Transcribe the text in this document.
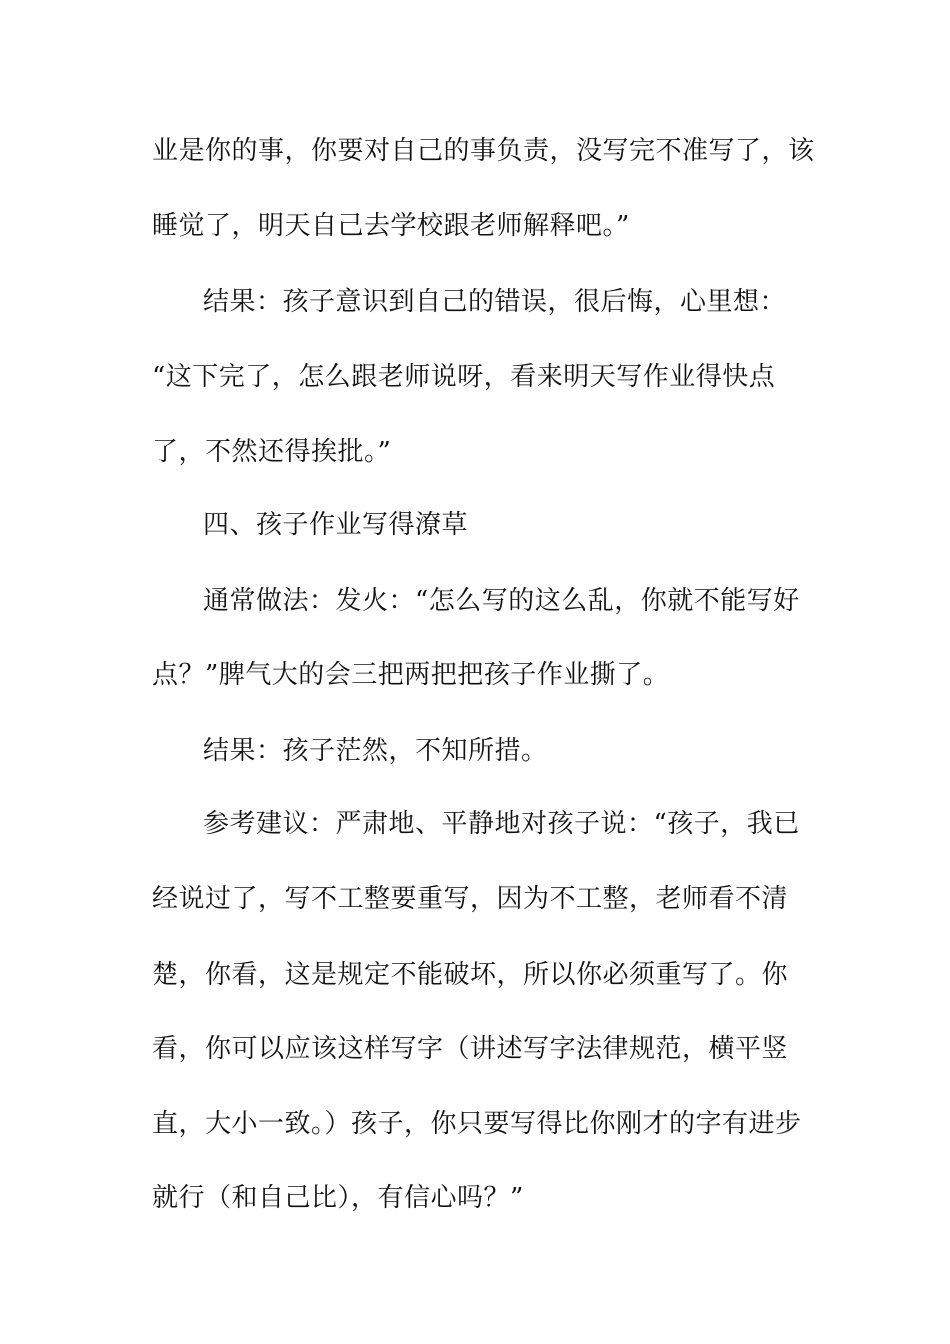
业是你的事，你要对自己的事负责，没写完不准写了，该
睡觉了，明天自己去学校跟老师解释吧。”
结果：孩子意识到自己的错误，很后悔，心里想：
“这下完了，怎么跟老师说呀，看来明天写作业得快点
了，不然还得挨批。”
四、孩子作业写得潦草
通常做法：发火：“怎么写的这么乱，你就不能写好
点？”脾气大的会三把两把把孩子作业撕了。
结果：孩子茫然，不知所措。
参考建议：严肃地、平静地对孩子说：“孩子，我已
经说过了，写不工整要重写，因为不工整，老师看不清
楚，你看，这是规定不能破坏，所以你必须重写了。你
看，你可以应该这样写字（讲述写字法律规范，横平竖
直，大小一致。）孩子，你只要写得比你刚才的字有进步
就行（和自己比），有信心吗？”
